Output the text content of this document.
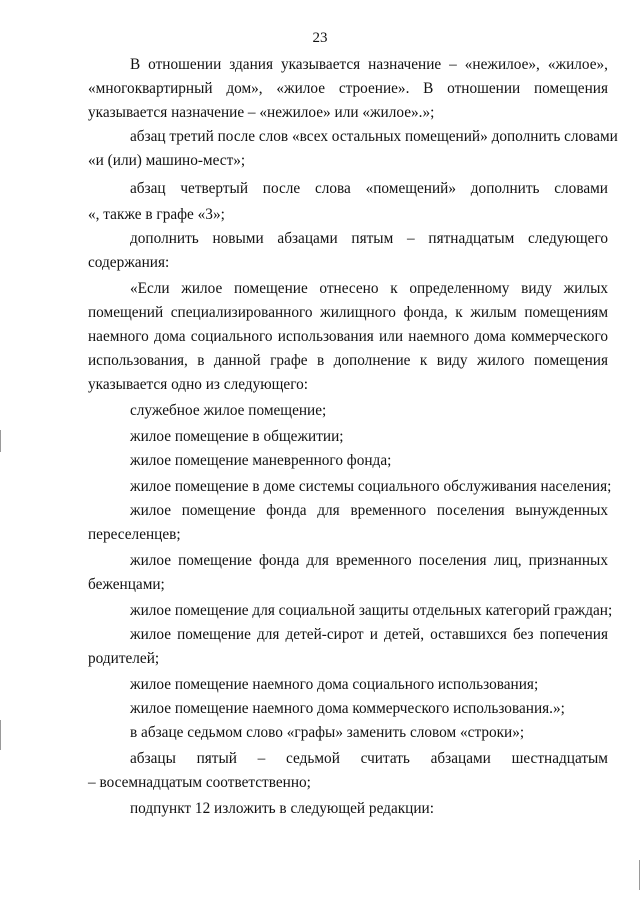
23
В отношении здания указывается назначение – «нежилое», «жилое»,
«многоквартирный дом», «жилое строение». В отношении помещения
указывается назначение – «нежилое» или «жилое».»;
абзац третий после слов «всех остальных помещений» дополнить словами
«и (или) машино-мест»;
абзац четвертый после слова «помещений» дополнить словами
«, также в графе «3»;
дополнить новыми абзацами пятым – пятнадцатым следующего
содержания:
«Если жилое помещение отнесено к определенному виду жилых
помещений специализированного жилищного фонда, к жилым помещениям
наемного дома социального использования или наемного дома коммерческого
использования, в данной графе в дополнение к виду жилого помещения
указывается одно из следующего:
служебное жилое помещение;
жилое помещение в общежитии;
жилое помещение маневренного фонда;
жилое помещение в доме системы социального обслуживания населения;
жилое помещение фонда для временного поселения вынужденных
переселенцев;
жилое помещение фонда для временного поселения лиц, признанных
беженцами;
жилое помещение для социальной защиты отдельных категорий граждан;
жилое помещение для детей-сирот и детей, оставшихся без попечения
родителей;
жилое помещение наемного дома социального использования;
жилое помещение наемного дома коммерческого использования.»;
в абзаце седьмом слово «графы» заменить словом «строки»;
абзацы пятый – седьмой считать абзацами шестнадцатым
– восемнадцатым соответственно;
подпункт 12 изложить в следующей редакции:
